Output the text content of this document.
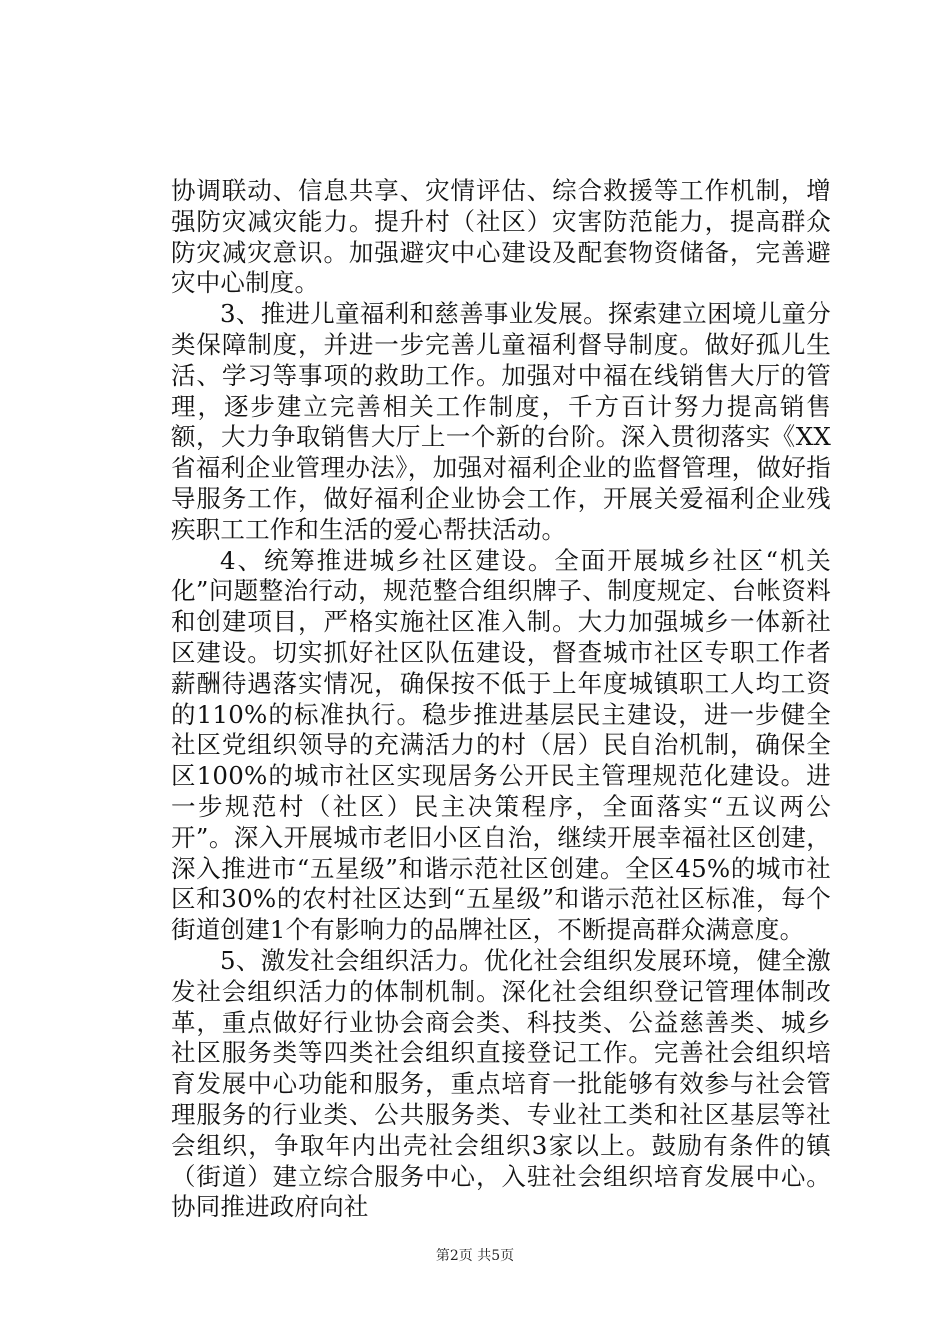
协调联动、信息共享、灾情评估、综合救援等工作机制，增强防灾减灾能力。提升村（社区）灾害防范能力，提高群众防灾减灾意识。加强避灾中心建设及配套物资储备，完善避灾中心制度。

3、推进儿童福利和慈善事业发展。探索建立困境儿童分类保障制度，并进一步完善儿童福利督导制度。做好孤儿生活、学习等事项的救助工作。加强对中福在线销售大厅的管理，逐步建立完善相关工作制度，千方百计努力提高销售额，大力争取销售大厅上一个新的台阶。深入贯彻落实《XX省福利企业管理办法》，加强对福利企业的监督管理，做好指导服务工作，做好福利企业协会工作，开展关爱福利企业残疾职工工作和生活的爱心帮扶活动。

4、统筹推进城乡社区建设。全面开展城乡社区“机关化”问题整治行动，规范整合组织牌子、制度规定、台帐资料和创建项目，严格实施社区准入制。大力加强城乡一体新社区建设。切实抓好社区队伍建设，督查城市社区专职工作者薪酬待遇落实情况，确保按不低于上年度城镇职工人均工资的110%的标准执行。稳步推进基层民主建设，进一步健全社区党组织领导的充满活力的村（居）民自治机制，确保全区100%的城市社区实现居务公开民主管理规范化建设。进一步规范村（社区）民主决策程序，全面落实“五议两公开”。深入开展城市老旧小区自治，继续开展幸福社区创建，深入推进市“五星级”和谐示范社区创建。全区45%的城市社区和30%的农村社区达到“五星级”和谐示范社区标准，每个街道创建1个有影响力的品牌社区，不断提高群众满意度。

5、激发社会组织活力。优化社会组织发展环境，健全激发社会组织活力的体制机制。深化社会组织登记管理体制改革，重点做好行业协会商会类、科技类、公益慈善类、城乡社区服务类等四类社会组织直接登记工作。完善社会组织培育发展中心功能和服务，重点培育一批能够有效参与社会管理服务的行业类、公共服务类、专业社工类和社区基层等社会组织，争取年内出壳社会组织3家以上。鼓励有条件的镇（街道）建立综合服务中心，入驻社会组织培育发展中心。协同推进政府向社

第2页 共5页
